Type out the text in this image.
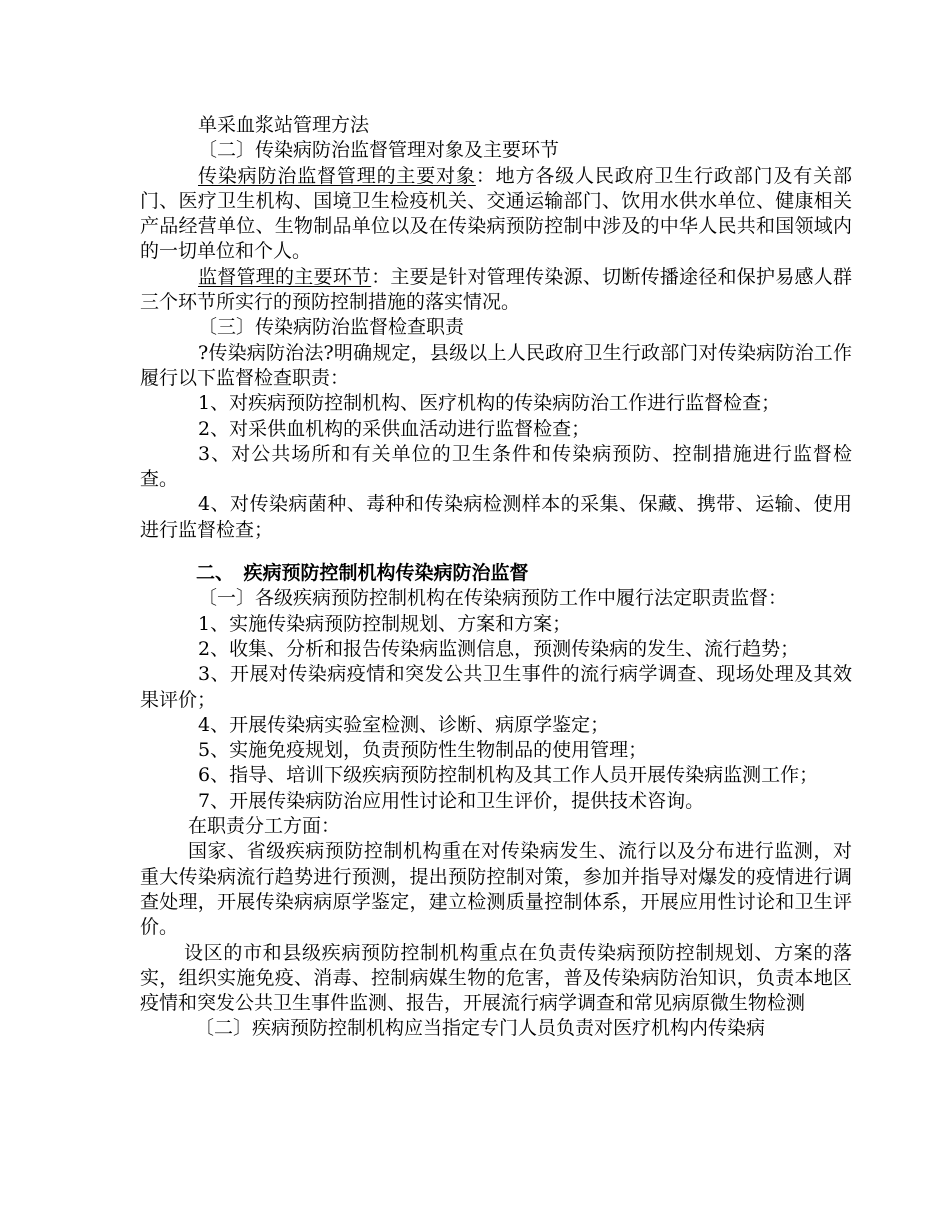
单采血浆站管理方法

〔二〕传染病防治监督管理对象及主要环节

传染病防治监督管理的主要对象：地方各级人民政府卫生行政部门及有关部门、医疗卫生机构、国境卫生检疫机关、交通运输部门、饮用水供水单位、健康相关产品经营单位、生物制品单位以及在传染病预防控制中涉及的中华人民共和国领域内的一切单位和个人。

监督管理的主要环节：主要是针对管理传染源、切断传播途径和保护易感人群三个环节所实行的预防控制措施的落实情况。

〔三〕传染病防治监督检查职责

?传染病防治法?明确规定，县级以上人民政府卫生行政部门对传染病防治工作履行以下监督检查职责：

1、对疾病预防控制机构、医疗机构的传染病防治工作进行监督检查；

2、对采供血机构的采供血活动进行监督检查；

3、对公共场所和有关单位的卫生条件和传染病预防、控制措施进行监督检查。

4、对传染病菌种、毒种和传染病检测样本的采集、保藏、携带、运输、使用进行监督检查；

二、　疾病预防控制机构传染病防治监督

〔一〕各级疾病预防控制机构在传染病预防工作中履行法定职责监督：

1、实施传染病预防控制规划、方案和方案；

2、收集、分析和报告传染病监测信息，预测传染病的发生、流行趋势；

3、开展对传染病疫情和突发公共卫生事件的流行病学调查、现场处理及其效果评价；

4、开展传染病实验室检测、诊断、病原学鉴定；

5、实施免疫规划，负责预防性生物制品的使用管理；

6、指导、培训下级疾病预防控制机构及其工作人员开展传染病监测工作；

7、开展传染病防治应用性讨论和卫生评价，提供技术咨询。

在职责分工方面：

国家、省级疾病预防控制机构重在对传染病发生、流行以及分布进行监测，对重大传染病流行趋势进行预测，提出预防控制对策，参加并指导对爆发的疫情进行调查处理，开展传染病病原学鉴定，建立检测质量控制体系，开展应用性讨论和卫生评价。

设区的市和县级疾病预防控制机构重点在负责传染病预防控制规划、方案的落实，组织实施免疫、消毒、控制病媒生物的危害，普及传染病防治知识，负责本地区疫情和突发公共卫生事件监测、报告，开展流行病学调查和常见病原微生物检测

〔二〕疾病预防控制机构应当指定专门人员负责对医疗机构内传染病
